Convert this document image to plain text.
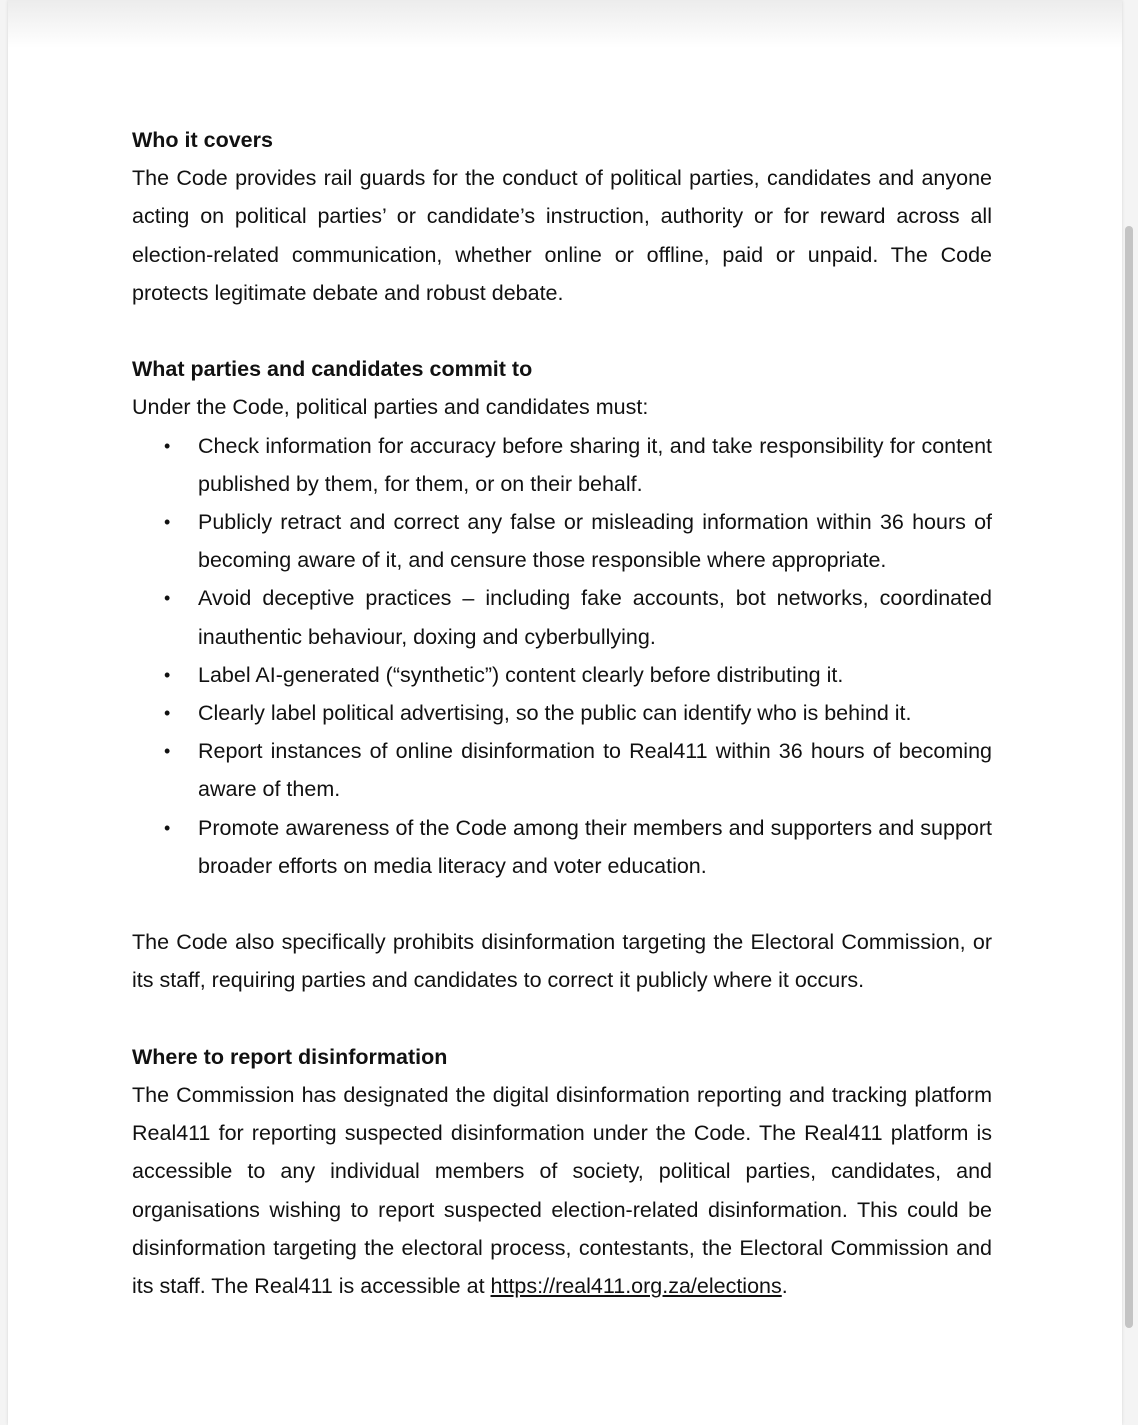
Who it covers

The Code provides rail guards for the conduct of political parties, candidates and anyone acting on political parties’ or candidate’s instruction, authority or for reward across all election-related communication, whether online or offline, paid or unpaid. The Code protects legitimate debate and robust debate.

What parties and candidates commit to

Under the Code, political parties and candidates must:

• Check information for accuracy before sharing it, and take responsibility for content published by them, for them, or on their behalf.
• Publicly retract and correct any false or misleading information within 36 hours of becoming aware of it, and censure those responsible where appropriate.
• Avoid deceptive practices – including fake accounts, bot networks, coordinated inauthentic behaviour, doxing and cyberbullying.
• Label AI-generated (“synthetic”) content clearly before distributing it.
• Clearly label political advertising, so the public can identify who is behind it.
• Report instances of online disinformation to Real411 within 36 hours of becoming aware of them.
• Promote awareness of the Code among their members and supporters and support broader efforts on media literacy and voter education.

The Code also specifically prohibits disinformation targeting the Electoral Commission, or its staff, requiring parties and candidates to correct it publicly where it occurs.

Where to report disinformation

The Commission has designated the digital disinformation reporting and tracking platform Real411 for reporting suspected disinformation under the Code. The Real411 platform is accessible to any individual members of society, political parties, candidates, and organisations wishing to report suspected election-related disinformation. This could be disinformation targeting the electoral process, contestants, the Electoral Commission and its staff. The Real411 is accessible at https://real411.org.za/elections.
